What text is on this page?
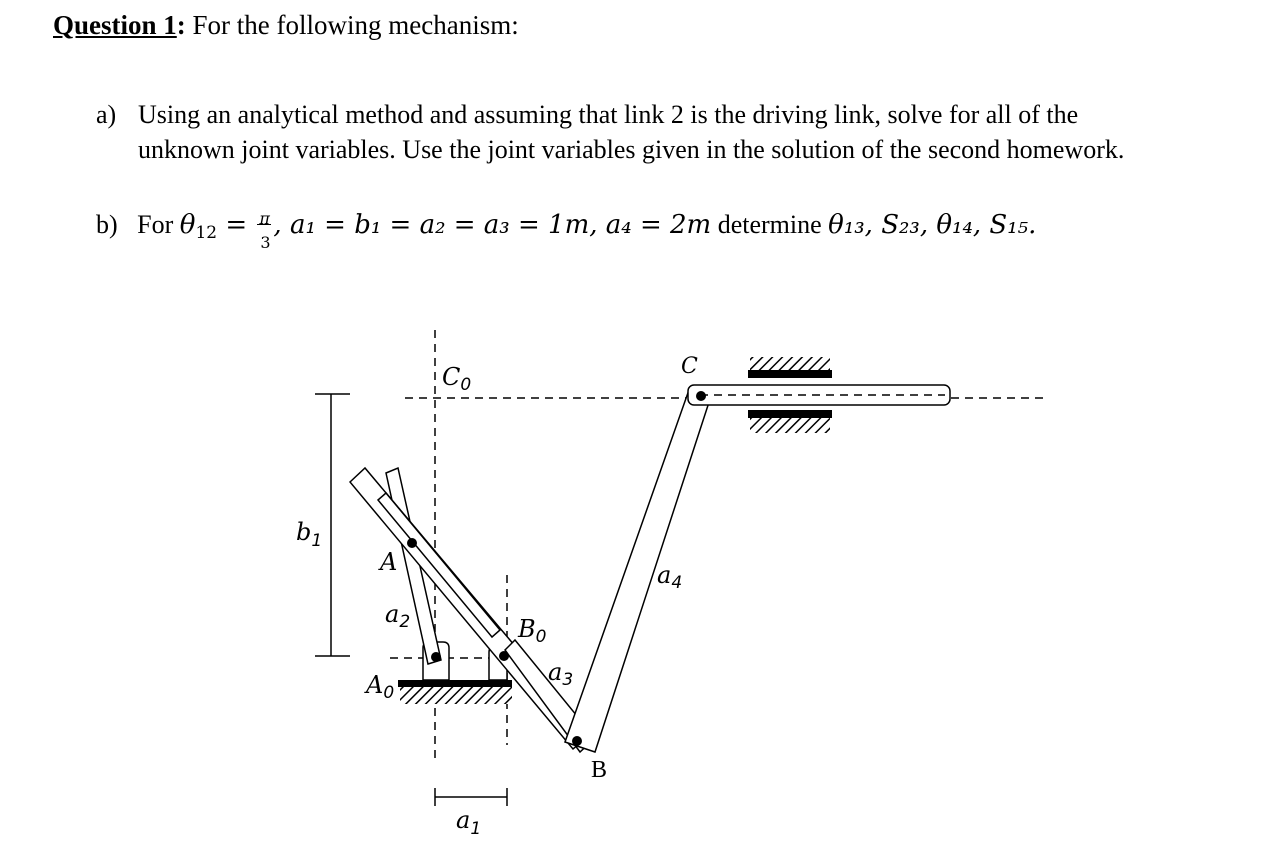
Question 1: For the following mechanism:
a) Using an analytical method and assuming that link 2 is the driving link, solve for all of the unknown joint variables. Use the joint variables given in the solution of the second homework.
b) For $\theta_{12} = \pi$
3
, a₁ = b₁ = a₂ = a₃ = 1m, a₄ = 2m determine θ₁₃, S₂₃, θ₁₄, S₁₅.
$C_0$
C
$b_1$
A
$a_2$
$A_0$
$B_0$
$a_3$
$a_4$
B
$a_1$
